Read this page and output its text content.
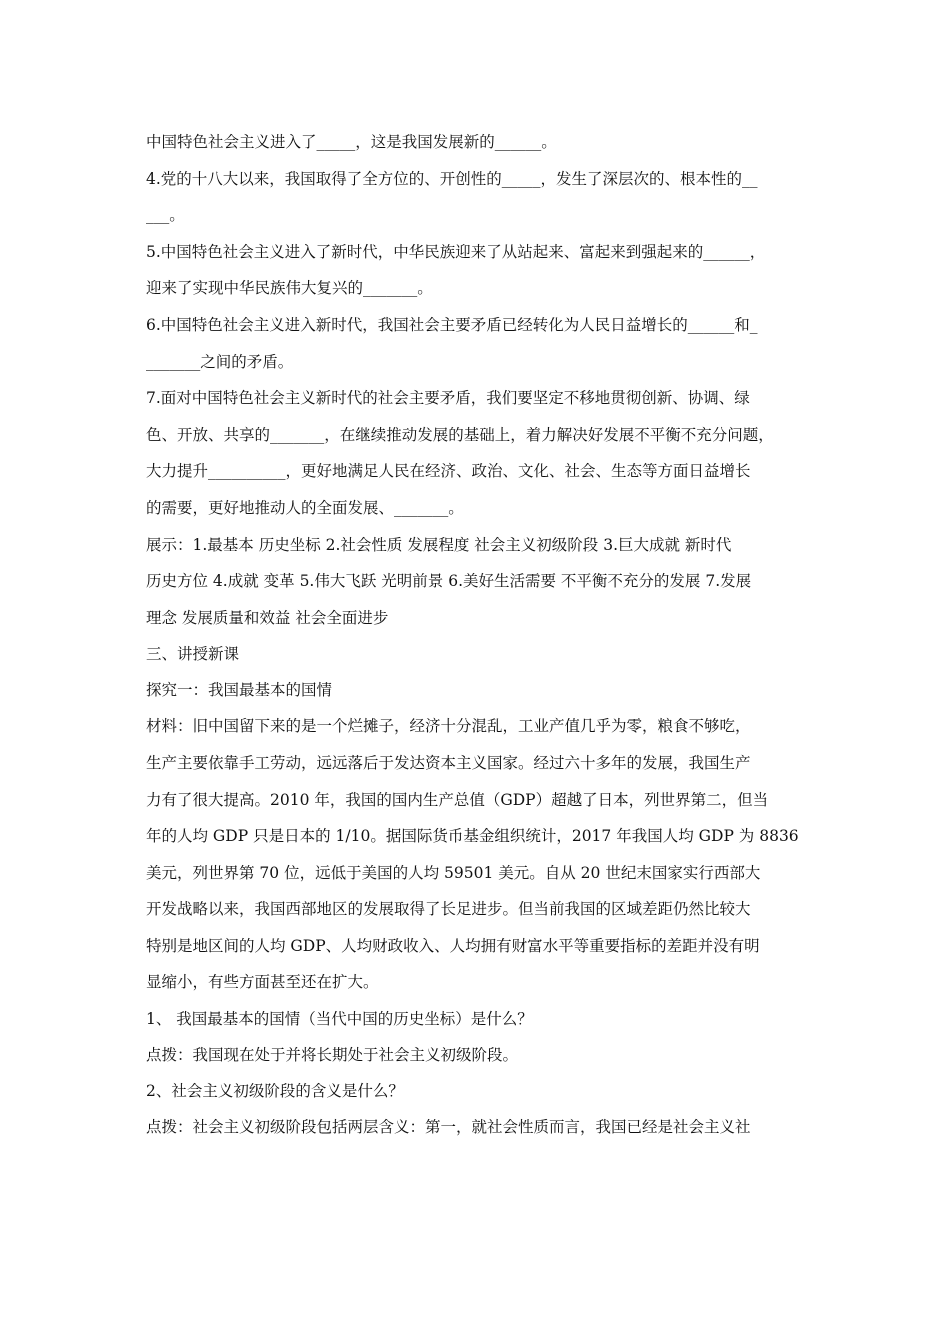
中国特色社会主义进入了_____，这是我国发展新的______。
4.党的十八大以来，我国取得了全方位的、开创性的_____，发生了深层次的、根本性的__
___。
5.中国特色社会主义进入了新时代，中华民族迎来了从站起来、富起来到强起来的______，
迎来了实现中华民族伟大复兴的_______。
6.中国特色社会主义进入新时代，我国社会主要矛盾已经转化为人民日益增长的______和_
_______之间的矛盾。
7.面对中国特色社会主义新时代的社会主要矛盾，我们要坚定不移地贯彻创新、协调、绿
色、开放、共享的_______，在继续推动发展的基础上，着力解决好发展不平衡不充分问题，
大力提升__________，更好地满足人民在经济、政治、文化、社会、生态等方面日益增长
的需要，更好地推动人的全面发展、_______。
展示：1.最基本 历史坐标 2.社会性质 发展程度 社会主义初级阶段 3.巨大成就 新时代
历史方位 4.成就 变革 5.伟大飞跃 光明前景 6.美好生活需要 不平衡不充分的发展 7.发展
理念 发展质量和效益 社会全面进步
三、讲授新课
探究一：我国最基本的国情
材料：旧中国留下来的是一个烂摊子，经济十分混乱，工业产值几乎为零，粮食不够吃，
生产主要依靠手工劳动，远远落后于发达资本主义国家。经过六十多年的发展，我国生产
力有了很大提高。2010 年，我国的国内生产总值（GDP）超越了日本，列世界第二，但当
年的人均 GDP 只是日本的 1/10。据国际货币基金组织统计，2017 年我国人均 GDP 为 8836
美元，列世界第 70 位，远低于美国的人均 59501 美元。自从 20 世纪末国家实行西部大
开发战略以来，我国西部地区的发展取得了长足进步。但当前我国的区域差距仍然比较大
特别是地区间的人均 GDP、人均财政收入、人均拥有财富水平等重要指标的差距并没有明
显缩小，有些方面甚至还在扩大。
1、 我国最基本的国情（当代中国的历史坐标）是什么？
点拨：我国现在处于并将长期处于社会主义初级阶段。
2、社会主义初级阶段的含义是什么？
点拨：社会主义初级阶段包括两层含义：第一，就社会性质而言，我国已经是社会主义社
